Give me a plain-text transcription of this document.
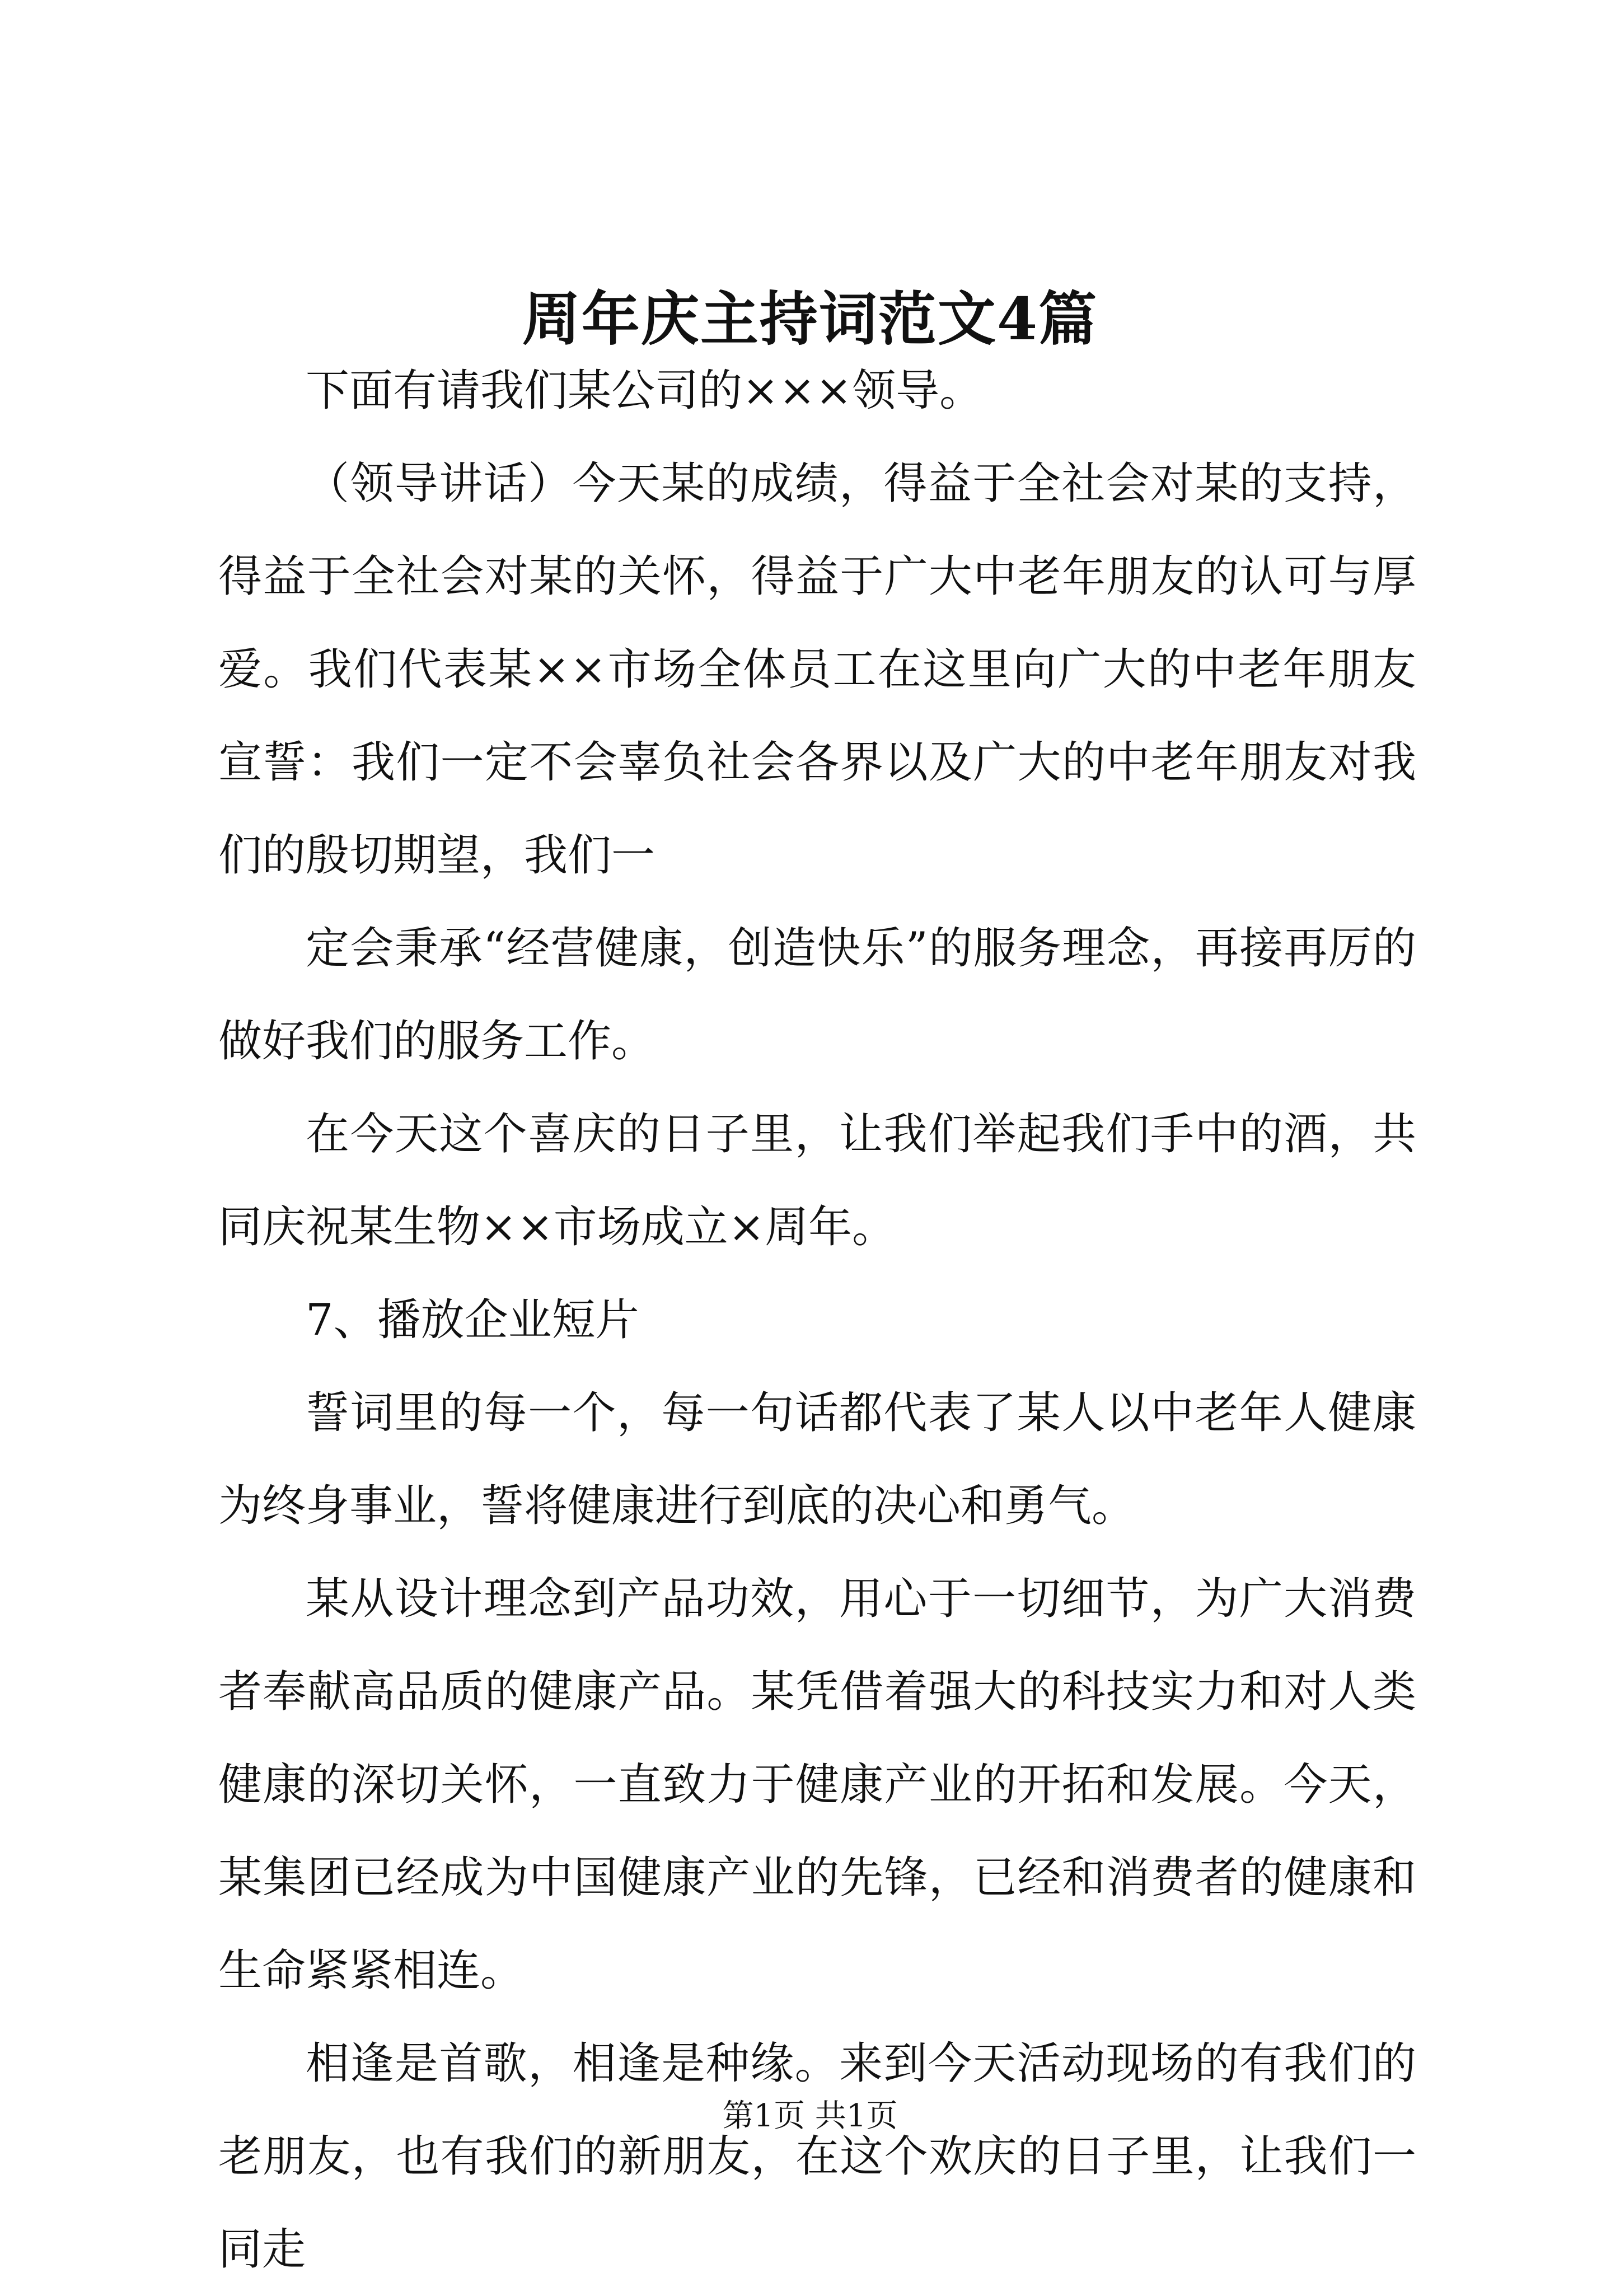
周年庆主持词范文4篇

下面有请我们某公司的×××领导。

（领导讲话）今天某的成绩，得益于全社会对某的支持，得益于全社会对某的关怀，得益于广大中老年朋友的认可与厚爱。我们代表某××市场全体员工在这里向广大的中老年朋友宣誓：我们一定不会辜负社会各界以及广大的中老年朋友对我们的殷切期望，我们一

定会秉承“经营健康，创造快乐”的服务理念，再接再厉的做好我们的服务工作。

在今天这个喜庆的日子里，让我们举起我们手中的酒，共同庆祝某生物××市场成立×周年。

7、播放企业短片

誓词里的每一个，每一句话都代表了某人以中老年人健康为终身事业，誓将健康进行到底的决心和勇气。

某从设计理念到产品功效，用心于一切细节，为广大消费者奉献高品质的健康产品。某凭借着强大的科技实力和对人类健康的深切关怀，一直致力于健康产业的开拓和发展。今天，某集团已经成为中国健康产业的先锋，已经和消费者的健康和生命紧紧相连。

相逢是首歌，相逢是种缘。来到今天活动现场的有我们的老朋友，也有我们的新朋友，在这个欢庆的日子里，让我们一同走

第1页 共1页
